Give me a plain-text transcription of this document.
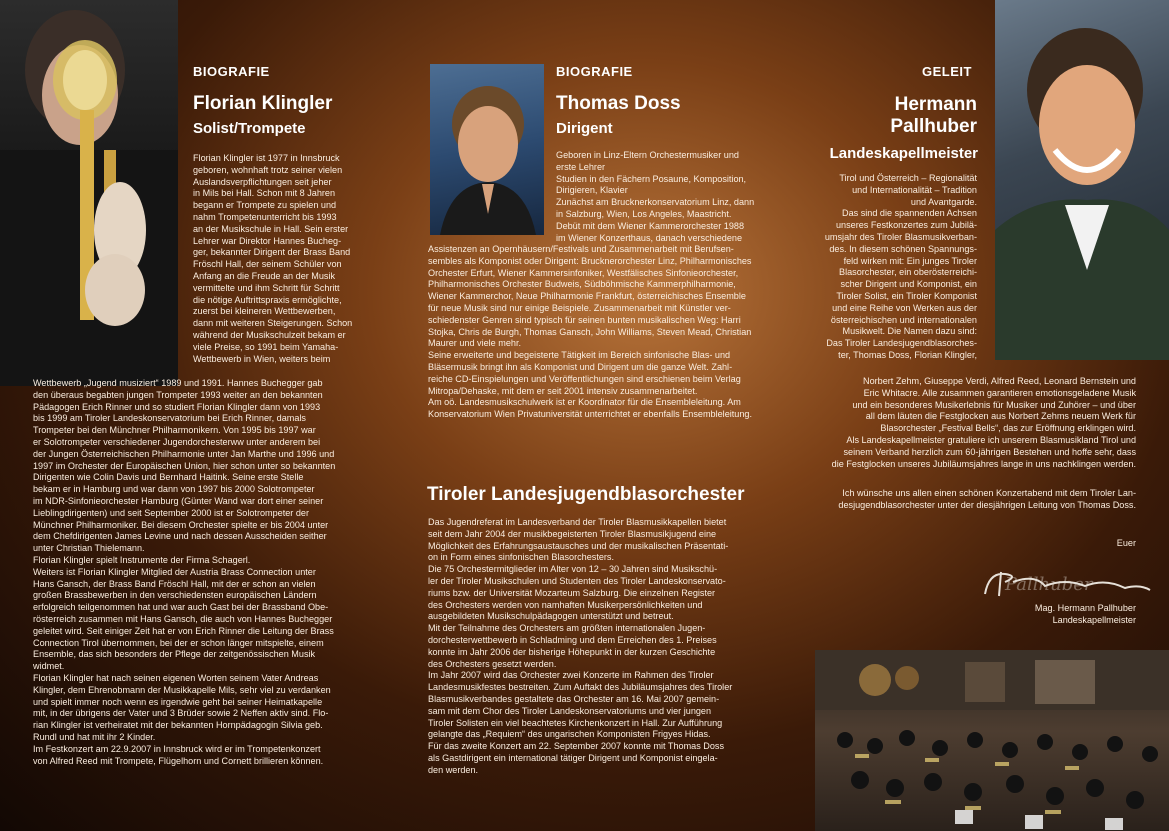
BIOGRAFIE
Florian Klingler
Solist/Trompete
Florian Klingler ist 1977 in Innsbruck
geboren, wohnhaft trotz seiner vielen
Auslandsverpflichtungen seit jeher
in Mils bei Hall. Schon mit 8 Jahren
begann er Trompete zu spielen und
nahm Trompetenunterricht bis 1993
an der Musikschule in Hall. Sein erster
Lehrer war Direktor Hannes Bucheg-
ger, bekannter Dirigent der Brass Band
Fröschl Hall, der seinem Schüler von
Anfang an die Freude an der Musik
vermittelte und ihm Schritt für Schritt
die nötige Auftrittspraxis ermöglichte,
zuerst bei kleineren Wettbewerben,
dann mit weiteren Steigerungen. Schon
während der Musikschulzeit bekam er
viele Preise, so 1991 beim Yamaha-
Wettbewerb in Wien, weiters beim
Wettbewerb „Jugend musiziert“ 1989 und 1991. Hannes Buchegger gab
den überaus begabten jungen Trompeter 1993 weiter an den bekannten
Pädagogen Erich Rinner und so studiert Florian Klingler dann von 1993
bis 1999 am Tiroler Landeskonservatorium bei Erich Rinner, damals
Trompeter bei den Münchner Philharmonikern. Von 1995 bis 1997 war
er Solotrompeter verschiedener Jugendorchesterww unter anderem bei
der Jungen Österreichischen Philharmonie unter Jan Marthe und 1996 und
1997 im Orchester der Europäischen Union, hier schon unter so bekannten
Dirigenten wie Colin Davis und Bernhard Haitink. Seine erste Stelle
bekam er in Hamburg und war dann von 1997 bis 2000 Solotrompeter
im NDR-Sinfonieorchester Hamburg (Günter Wand war dort einer seiner
Lieblingdirigenten) und seit September 2000 ist er Solotrompeter der
Münchner Philharmoniker. Bei diesem Orchester spielte er bis 2004 unter
dem Chefdirigenten James Levine und nach dessen Ausscheiden seither
unter Christian Thielemann.
Florian Klingler spielt Instrumente der Firma Schagerl.
Weiters ist Florian Klingler Mitglied der Austria Brass Connection unter
Hans Gansch, der Brass Band Fröschl Hall, mit der er schon an vielen
großen Brassbewerben in den verschiedensten europäischen Ländern
erfolgreich teilgenommen hat und war auch Gast bei der Brassband Obe-
rösterreich zusammen mit Hans Gansch, die auch von Hannes Buchegger
geleitet wird. Seit einiger Zeit hat er von Erich Rinner die Leitung der Brass
Connection Tirol übernommen, bei der er schon länger mitspielte, einem
Ensemble, das sich besonders der Pflege der zeitgenössischen Musik
widmet.
Florian Klingler hat nach seinen eigenen Worten seinem Vater Andreas
Klingler, dem Ehrenobmann der Musikkapelle Mils, sehr viel zu verdanken
und spielt immer noch wenn es irgendwie geht bei seiner Heimatkapelle
mit, in der übrigens der Vater und 3 Brüder sowie 2 Neffen aktiv sind. Flo-
rian Klingler ist verheiratet mit der bekannten Hornpädagogin Silvia geb.
Rundl und hat mit ihr 2 Kinder.
Im Festkonzert am 22.9.2007 in Innsbruck wird er im Trompetenkonzert
von Alfred Reed mit Trompete, Flügelhorn und Cornett brillieren können.
BIOGRAFIE
Thomas Doss
Dirigent
Geboren in Linz-Eltern Orchestermusiker und
erste Lehrer
Studien in den Fächern Posaune, Komposition,
Dirigieren, Klavier
Zunächst am Brucknerkonservatorium Linz, dann
in Salzburg, Wien, Los Angeles, Maastricht.
Debüt mit dem Wiener Kammerorchester 1988
im Wiener Konzerthaus, danach verschiedene
Assistenzen an Opernhäusern/Festivals und Zusammenarbeit mit Berufsen-
sembles als Komponist oder Dirigent: Brucknerorchester Linz, Philharmonisches
Orchester Erfurt, Wiener Kammersinfoniker, Westfälisches Sinfonieorchester,
Philharmonisches Orchester Budweis, Südböhmische Kammerphilharmonie,
Wiener Kammerchor, Neue Philharmonie Frankfurt, österreichisches Ensemble
für neue Musik sind nur einige Beispiele. Zusammenarbeit mit Künstler ver-
schiedenster Genren sind typisch für seinen bunten musikalischen Weg: Harri
Stojka, Chris de Burgh, Thomas Gansch, John Williams, Steven Mead, Christian
Maurer und viele mehr.
Seine erweiterte und begeisterte Tätigkeit im Bereich sinfonische Blas- und
Bläsermusik bringt ihn als Komponist und Dirigent um die ganze Welt. Zahl-
reiche CD-Einspielungen und Veröffentlichungen sind erschienen beim Verlag
Mitropa/Dehaske, mit dem er seit 2001 intensiv zusammenarbeitet.
Am oö. Landesmusikschulwerk ist er Koordinator für die Ensembleleitung. Am
Konservatorium Wien Privatuniversität unterrichtet er ebenfalls Ensembleleitung.
Tiroler Landesjugendblasorchester
Das Jugendreferat im Landesverband der Tiroler Blasmusikkapellen bietet
seit dem Jahr 2004 der musikbegeisterten Tiroler Blasmusikjugend eine
Möglichkeit des Erfahrungsaustausches und der musikalischen Präsentati-
on in Form eines sinfonischen Blasorchesters.
Die 75 Orchestermitglieder im Alter von 12 – 30 Jahren sind Musikschü-
ler der Tiroler Musikschulen und Studenten des Tiroler Landeskonservato-
riums bzw. der Universität Mozarteum Salzburg. Die einzelnen Register
des Orchesters werden von namhaften Musikerpersönlichkeiten und
ausgebildeten Musikschulpädagogen unterstützt und betreut.
Mit der Teilnahme des Orchesters am größten internationalen Jugen-
dorchesterwettbewerb in Schladming und dem Erreichen des 1. Preises
konnte im Jahr 2006 der bisherige Höhepunkt in der kurzen Geschichte
des Orchesters gesetzt werden.
Im Jahr 2007 wird das Orchester zwei Konzerte im Rahmen des Tiroler
Landesmusikfestes bestreiten. Zum Auftakt des Jubiläumsjahres des Tiroler
Blasmusikverbandes gestaltete das Orchester am 16. Mai 2007 gemein-
sam mit dem Chor des Tiroler Landeskonservatoriums und vier jungen
Tiroler Solisten ein viel beachtetes Kirchenkonzert in Hall. Zur Aufführung
gelangte das „Requiem“ des ungarischen Komponisten Frigyes Hidas.
Für das zweite Konzert am 22. September 2007 konnte mit Thomas Doss
als Gastdirigent ein international tätiger Dirigent und Komponist eingela-
den werden.
GELEIT
Hermann
Pallhuber
Landeskapellmeister
Tirol und Österreich – Regionalität
und Internationalität – Tradition
und Avantgarde.
Das sind die spannenden Achsen
unseres Festkonzertes zum Jubilä-
umsjahr des Tiroler Blasmusikverban-
des. In diesem schönen Spannungs-
feld wirken mit: Ein junges Tiroler
Blasorchester, ein oberösterreichi-
scher Dirigent und Komponist, ein
Tiroler Solist, ein Tiroler Komponist
und eine Reihe von Werken aus der
österreichischen und internationalen
Musikwelt. Die Namen dazu sind:
Das Tiroler Landesjugendblasorches-
ter, Thomas Doss, Florian Klingler,
Norbert Zehm, Giuseppe Verdi, Alfred Reed, Leonard Bernstein und
Eric Whitacre. Alle zusammen garantieren emotionsgeladene Musik
und ein besonderes Musikerlebnis für Musiker und Zuhörer – und über
all dem läuten die Festglocken aus Norbert Zehms neuem Werk für
Blasorchester „Festival Bells“, das zur Eröffnung erklingen wird.
Als Landeskapellmeister gratuliere ich unserem Blasmusikland Tirol und
seinem Verband herzlich zum 60-jährigen Bestehen und hoffe sehr, dass
die Festglocken unseres Jubiläumsjahres lange in uns nachklingen werden.
Ich wünsche uns allen einen schönen Konzertabend mit dem Tiroler Lan-
desjugendblasorchester unter der diesjährigen Leitung von Thomas Doss.
Euer
Pallhuber
Mag. Hermann Pallhuber
Landeskapellmeister
